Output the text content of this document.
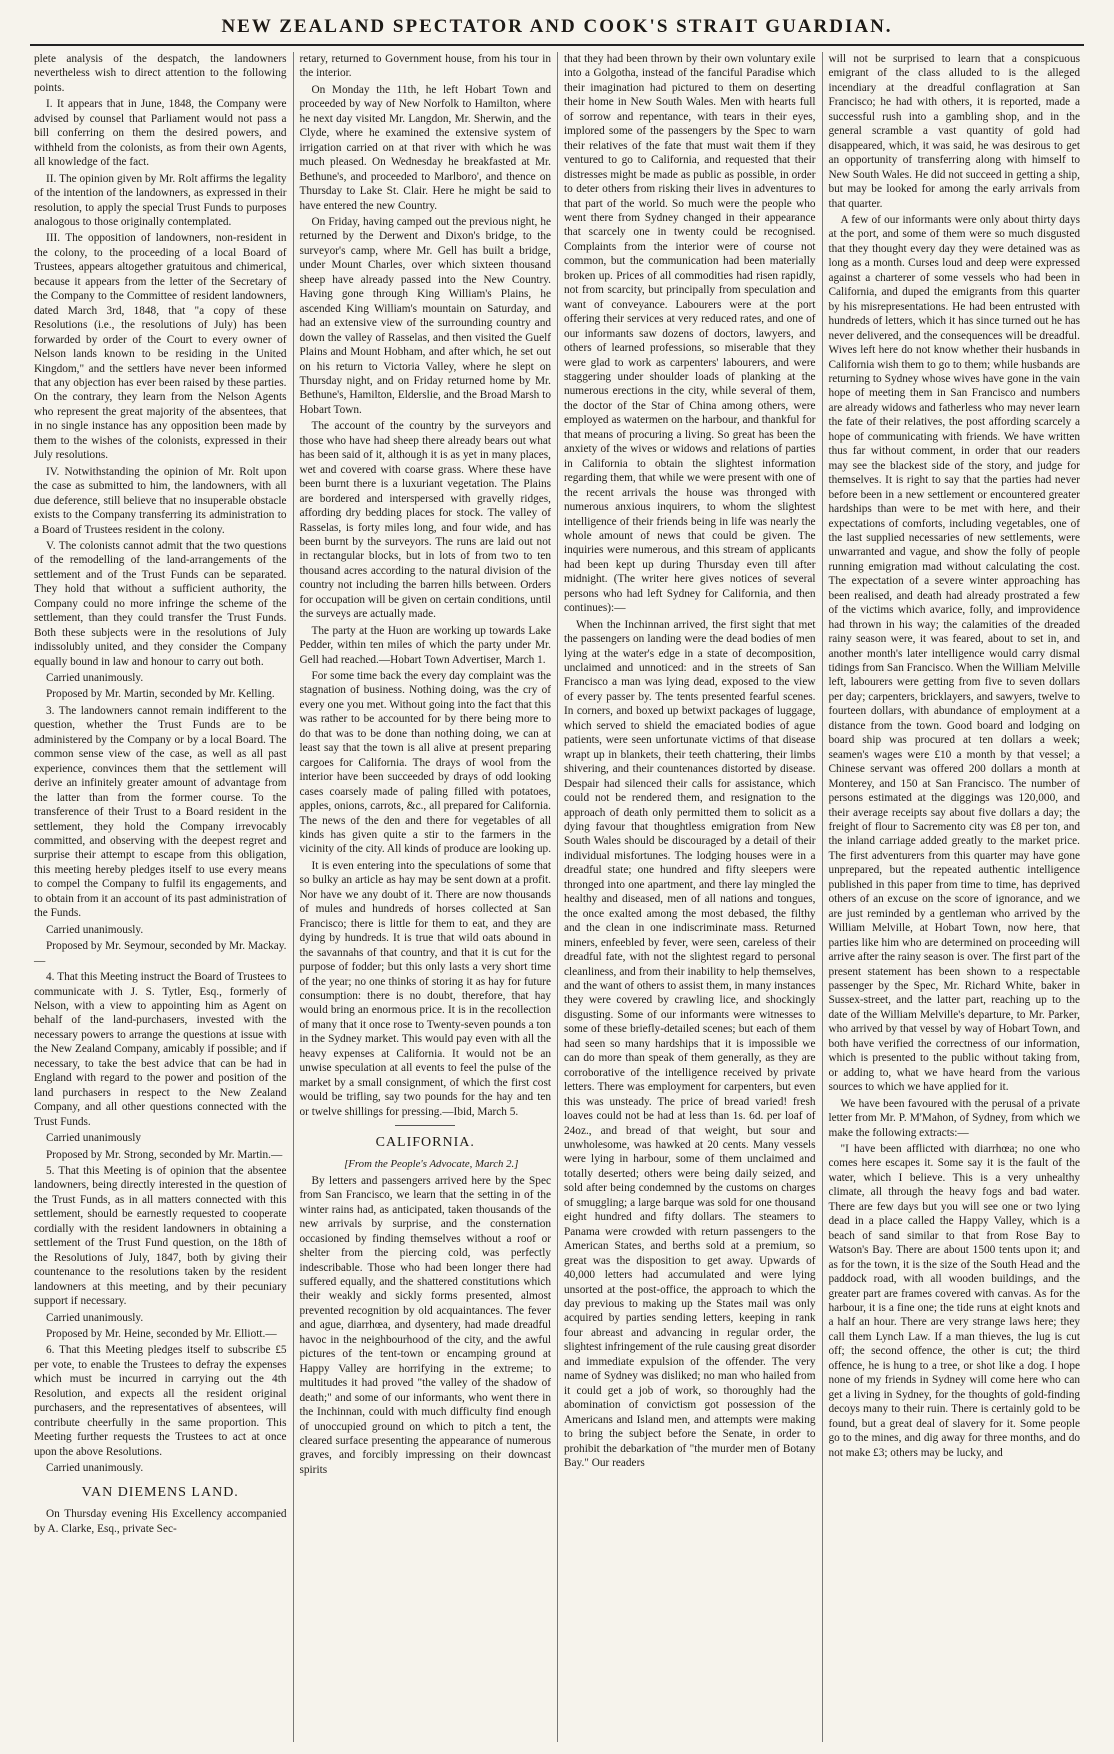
NEW ZEALAND SPECTATOR AND COOK'S STRAIT GUARDIAN.

plete analysis of the despatch, the landowners nevertheless wish to direct attention to the following points.

I. It appears that in June, 1848, the Company were advised by counsel that Parliament would not pass a bill conferring on them the desired powers, and withheld from the colonists, as from their own Agents, all knowledge of the fact.

II. The opinion given by Mr. Rolt affirms the legality of the intention of the landowners, as expressed in their resolution, to apply the special Trust Funds to purposes analogous to those originally contemplated.

III. The opposition of landowners, non-resident in the colony, to the proceeding of a local Board of Trustees, appears altogether gratuitous and chimerical, because it appears from the letter of the Secretary of the Company to the Committee of resident landowners, dated March 3rd, 1848, that "a copy of these Resolutions (i.e., the resolutions of July) has been forwarded by order of the Court to every owner of Nelson lands known to be residing in the United Kingdom," and the settlers have never been informed that any objection has ever been raised by these parties. On the contrary, they learn from the Nelson Agents who represent the great majority of the absentees, that in no single instance has any opposition been made by them to the wishes of the colonists, expressed in their July resolutions.

IV. Notwithstanding the opinion of Mr. Rolt upon the case as submitted to him, the landowners, with all due deference, still believe that no insuperable obstacle exists to the Company transferring its administration to a Board of Trustees resident in the colony.

V. The colonists cannot admit that the two questions of the remodelling of the land-arrangements of the settlement and of the Trust Funds can be separated. They hold that without a sufficient authority, the Company could no more infringe the scheme of the settlement, than they could transfer the Trust Funds. Both these subjects were in the resolutions of July indissolubly united, and they consider the Company equally bound in law and honour to carry out both.

Carried unanimously.

Proposed by Mr. Martin, seconded by Mr. Kelling.

3. The landowners cannot remain indifferent to the question, whether the Trust Funds are to be administered by the Company or by a local Board. The common sense view of the case, as well as all past experience, convinces them that the settlement will derive an infinitely greater amount of advantage from the latter than from the former course. To the transference of their Trust to a Board resident in the settlement, they hold the Company irrevocably committed, and observing with the deepest regret and surprise their attempt to escape from this obligation, this meeting hereby pledges itself to use every means to compel the Company to fulfil its engagements, and to obtain from it an account of its past administration of the Funds.

Carried unanimously.

Proposed by Mr. Seymour, seconded by Mr. Mackay.—

4. That this Meeting instruct the Board of Trustees to communicate with J. S. Tytler, Esq., formerly of Nelson, with a view to appointing him as Agent on behalf of the land-purchasers, invested with the necessary powers to arrange the questions at issue with the New Zealand Company, amicably if possible; and if necessary, to take the best advice that can be had in England with regard to the power and position of the land purchasers in respect to the New Zealand Company, and all other questions connected with the Trust Funds.

Carried unanimously

Proposed by Mr. Strong, seconded by Mr. Martin.—

5. That this Meeting is of opinion that the absentee landowners, being directly interested in the question of the Trust Funds, as in all matters connected with this settlement, should be earnestly requested to cooperate cordially with the resident landowners in obtaining a settlement of the Trust Fund question, on the 18th of the Resolutions of July, 1847, both by giving their countenance to the resolutions taken by the resident landowners at this meeting, and by their pecuniary support if necessary.

Carried unanimously.

Proposed by Mr. Heine, seconded by Mr. Elliott.—

6. That this Meeting pledges itself to subscribe £5 per vote, to enable the Trustees to defray the expenses which must be incurred in carrying out the 4th Resolution, and expects all the resident original purchasers, and the representatives of absentees, will contribute cheerfully in the same proportion. This Meeting further requests the Trustees to act at once upon the above Resolutions.

Carried unanimously.

VAN DIEMENS LAND.

On Thursday evening His Excellency accompanied by A. Clarke, Esq., private Sec-

retary, returned to Government house, from his tour in the interior.

On Monday the 11th, he left Hobart Town and proceeded by way of New Norfolk to Hamilton, where he next day visited Mr. Langdon, Mr. Sherwin, and the Clyde, where he examined the extensive system of irrigation carried on at that river with which he was much pleased. On Wednesday he breakfasted at Mr. Bethune's, and proceeded to Marlboro', and thence on Thursday to Lake St. Clair. Here he might be said to have entered the new Country.

On Friday, having camped out the previous night, he returned by the Derwent and Dixon's bridge, to the surveyor's camp, where Mr. Gell has built a bridge, under Mount Charles, over which sixteen thousand sheep have already passed into the New Country. Having gone through King William's Plains, he ascended King William's mountain on Saturday, and had an extensive view of the surrounding country and down the valley of Rasselas, and then visited the Guelf Plains and Mount Hobham, and after which, he set out on his return to Victoria Valley, where he slept on Thursday night, and on Friday returned home by Mr. Bethune's, Hamilton, Elderslie, and the Broad Marsh to Hobart Town.

The account of the country by the surveyors and those who have had sheep there already bears out what has been said of it, although it is as yet in many places, wet and covered with coarse grass. Where these have been burnt there is a luxuriant vegetation. The Plains are bordered and interspersed with gravelly ridges, affording dry bedding places for stock. The valley of Rasselas, is forty miles long, and four wide, and has been burnt by the surveyors. The runs are laid out not in rectangular blocks, but in lots of from two to ten thousand acres according to the natural division of the country not including the barren hills between. Orders for occupation will be given on certain conditions, until the surveys are actually made.

The party at the Huon are working up towards Lake Pedder, within ten miles of which the party under Mr. Gell had reached.—Hobart Town Advertiser, March 1.

For some time back the every day complaint was the stagnation of business. Nothing doing, was the cry of every one you met. Without going into the fact that this was rather to be accounted for by there being more to do that was to be done than nothing doing, we can at least say that the town is all alive at present preparing cargoes for California. The drays of wool from the interior have been succeeded by drays of odd looking cases coarsely made of paling filled with potatoes, apples, onions, carrots, &c., all prepared for California. The news of the den and there for vegetables of all kinds has given quite a stir to the farmers in the vicinity of the city. All kinds of produce are looking up.

It is even entering into the speculations of some that so bulky an article as hay may be sent down at a profit. Nor have we any doubt of it. There are now thousands of mules and hundreds of horses collected at San Francisco; there is little for them to eat, and they are dying by hundreds. It is true that wild oats abound in the savannahs of that country, and that it is cut for the purpose of fodder; but this only lasts a very short time of the year; no one thinks of storing it as hay for future consumption: there is no doubt, therefore, that hay would bring an enormous price. It is in the recollection of many that it once rose to Twenty-seven pounds a ton in the Sydney market. This would pay even with all the heavy expenses at California. It would not be an unwise speculation at all events to feel the pulse of the market by a small consignment, of which the first cost would be trifling, say two pounds for the hay and ten or twelve shillings for pressing.—Ibid, March 5.

CALIFORNIA.

[From the People's Advocate, March 2.]

By letters and passengers arrived here by the Spec from San Francisco, we learn that the setting in of the winter rains had, as anticipated, taken thousands of the new arrivals by surprise, and the consternation occasioned by finding themselves without a roof or shelter from the piercing cold, was perfectly indescribable. Those who had been longer there had suffered equally, and the shattered constitutions which their weakly and sickly forms presented, almost prevented recognition by old acquaintances. The fever and ague, diarrhœa, and dysentery, had made dreadful havoc in the neighbourhood of the city, and the awful pictures of the tent-town or encamping ground at Happy Valley are horrifying in the extreme; to multitudes it had proved "the valley of the shadow of death;" and some of our informants, who went there in the Inchinnan, could with much difficulty find enough of unoccupied ground on which to pitch a tent, the cleared surface presenting the appearance of numerous graves, and forcibly impressing on their downcast spirits

that they had been thrown by their own voluntary exile into a Golgotha, instead of the fanciful Paradise which their imagination had pictured to them on deserting their home in New South Wales. Men with hearts full of sorrow and repentance, with tears in their eyes, implored some of the passengers by the Spec to warn their relatives of the fate that must wait them if they ventured to go to California, and requested that their distresses might be made as public as possible, in order to deter others from risking their lives in adventures to that part of the world. So much were the people who went there from Sydney changed in their appearance that scarcely one in twenty could be recognised. Complaints from the interior were of course not common, but the communication had been materially broken up. Prices of all commodities had risen rapidly, not from scarcity, but principally from speculation and want of conveyance. Labourers were at the port offering their services at very reduced rates, and one of our informants saw dozens of doctors, lawyers, and others of learned professions, so miserable that they were glad to work as carpenters' labourers, and were staggering under shoulder loads of planking at the numerous erections in the city, while several of them, the doctor of the Star of China among others, were employed as watermen on the harbour, and thankful for that means of procuring a living. So great has been the anxiety of the wives or widows and relations of parties in California to obtain the slightest information regarding them, that while we were present with one of the recent arrivals the house was thronged with numerous anxious inquirers, to whom the slightest intelligence of their friends being in life was nearly the whole amount of news that could be given. The inquiries were numerous, and this stream of applicants had been kept up during Thursday even till after midnight. (The writer here gives notices of several persons who had left Sydney for California, and then continues):—

When the Inchinnan arrived, the first sight that met the passengers on landing were the dead bodies of men lying at the water's edge in a state of decomposition, unclaimed and unnoticed: and in the streets of San Francisco a man was lying dead, exposed to the view of every passer by. The tents presented fearful scenes. In corners, and boxed up betwixt packages of luggage, which served to shield the emaciated bodies of ague patients, were seen unfortunate victims of that disease wrapt up in blankets, their teeth chattering, their limbs shivering, and their countenances distorted by disease. Despair had silenced their calls for assistance, which could not be rendered them, and resignation to the approach of death only permitted them to solicit as a dying favour that thoughtless emigration from New South Wales should be discouraged by a detail of their individual misfortunes. The lodging houses were in a dreadful state; one hundred and fifty sleepers were thronged into one apartment, and there lay mingled the healthy and diseased, men of all nations and tongues, the once exalted among the most debased, the filthy and the clean in one indiscriminate mass. Returned miners, enfeebled by fever, were seen, careless of their dreadful fate, with not the slightest regard to personal cleanliness, and from their inability to help themselves, and the want of others to assist them, in many instances they were covered by crawling lice, and shockingly disgusting. Some of our informants were witnesses to some of these briefly-detailed scenes; but each of them had seen so many hardships that it is impossible we can do more than speak of them generally, as they are corroborative of the intelligence received by private letters. There was employment for carpenters, but even this was unsteady. The price of bread varied! fresh loaves could not be had at less than 1s. 6d. per loaf of 24oz., and bread of that weight, but sour and unwholesome, was hawked at 20 cents. Many vessels were lying in harbour, some of them unclaimed and totally deserted; others were being daily seized, and sold after being condemned by the customs on charges of smuggling; a large barque was sold for one thousand eight hundred and fifty dollars. The steamers to Panama were crowded with return passengers to the American States, and berths sold at a premium, so great was the disposition to get away. Upwards of 40,000 letters had accumulated and were lying unsorted at the post-office, the approach to which the day previous to making up the States mail was only acquired by parties sending letters, keeping in rank four abreast and advancing in regular order, the slightest infringement of the rule causing great disorder and immediate expulsion of the offender. The very name of Sydney was disliked; no man who hailed from it could get a job of work, so thoroughly had the abomination of convictism got possession of the Americans and Island men, and attempts were making to bring the subject before the Senate, in order to prohibit the debarkation of "the murder men of Botany Bay." Our readers

will not be surprised to learn that a conspicuous emigrant of the class alluded to is the alleged incendiary at the dreadful conflagration at San Francisco; he had with others, it is reported, made a successful rush into a gambling shop, and in the general scramble a vast quantity of gold had disappeared, which, it was said, he was desirous to get an opportunity of transferring along with himself to New South Wales. He did not succeed in getting a ship, but may be looked for among the early arrivals from that quarter.

A few of our informants were only about thirty days at the port, and some of them were so much disgusted that they thought every day they were detained was as long as a month. Curses loud and deep were expressed against a charterer of some vessels who had been in California, and duped the emigrants from this quarter by his misrepresentations. He had been entrusted with hundreds of letters, which it has since turned out he has never delivered, and the consequences will be dreadful. Wives left here do not know whether their husbands in California wish them to go to them; while husbands are returning to Sydney whose wives have gone in the vain hope of meeting them in San Francisco and numbers are already widows and fatherless who may never learn the fate of their relatives, the post affording scarcely a hope of communicating with friends. We have written thus far without comment, in order that our readers may see the blackest side of the story, and judge for themselves. It is right to say that the parties had never before been in a new settlement or encountered greater hardships than were to be met with here, and their expectations of comforts, including vegetables, one of the last supplied necessaries of new settlements, were unwarranted and vague, and show the folly of people running emigration mad without calculating the cost. The expectation of a severe winter approaching has been realised, and death had already prostrated a few of the victims which avarice, folly, and improvidence had thrown in his way; the calamities of the dreaded rainy season were, it was feared, about to set in, and another month's later intelligence would carry dismal tidings from San Francisco. When the William Melville left, labourers were getting from five to seven dollars per day; carpenters, bricklayers, and sawyers, twelve to fourteen dollars, with abundance of employment at a distance from the town. Good board and lodging on board ship was procured at ten dollars a week; seamen's wages were £10 a month by that vessel; a Chinese servant was offered 200 dollars a month at Monterey, and 150 at San Francisco. The number of persons estimated at the diggings was 120,000, and their average receipts say about five dollars a day; the freight of flour to Sacremento city was £8 per ton, and the inland carriage added greatly to the market price. The first adventurers from this quarter may have gone unprepared, but the repeated authentic intelligence published in this paper from time to time, has deprived others of an excuse on the score of ignorance, and we are just reminded by a gentleman who arrived by the William Melville, at Hobart Town, now here, that parties like him who are determined on proceeding will arrive after the rainy season is over. The first part of the present statement has been shown to a respectable passenger by the Spec, Mr. Richard White, baker in Sussex-street, and the latter part, reaching up to the date of the William Melville's departure, to Mr. Parker, who arrived by that vessel by way of Hobart Town, and both have verified the correctness of our information, which is presented to the public without taking from, or adding to, what we have heard from the various sources to which we have applied for it.

We have been favoured with the perusal of a private letter from Mr. P. M'Mahon, of Sydney, from which we make the following extracts:—

"I have been afflicted with diarrhœa; no one who comes here escapes it. Some say it is the fault of the water, which I believe. This is a very unhealthy climate, all through the heavy fogs and bad water. There are few days but you will see one or two lying dead in a place called the Happy Valley, which is a beach of sand similar to that from Rose Bay to Watson's Bay. There are about 1500 tents upon it; and as for the town, it is the size of the South Head and the paddock road, with all wooden buildings, and the greater part are frames covered with canvas. As for the harbour, it is a fine one; the tide runs at eight knots and a half an hour. There are very strange laws here; they call them Lynch Law. If a man thieves, the lug is cut off; the second offence, the other is cut; the third offence, he is hung to a tree, or shot like a dog. I hope none of my friends in Sydney will come here who can get a living in Sydney, for the thoughts of gold-finding decoys many to their ruin. There is certainly gold to be found, but a great deal of slavery for it. Some people go to the mines, and dig away for three months, and do not make £3; others may be lucky, and
